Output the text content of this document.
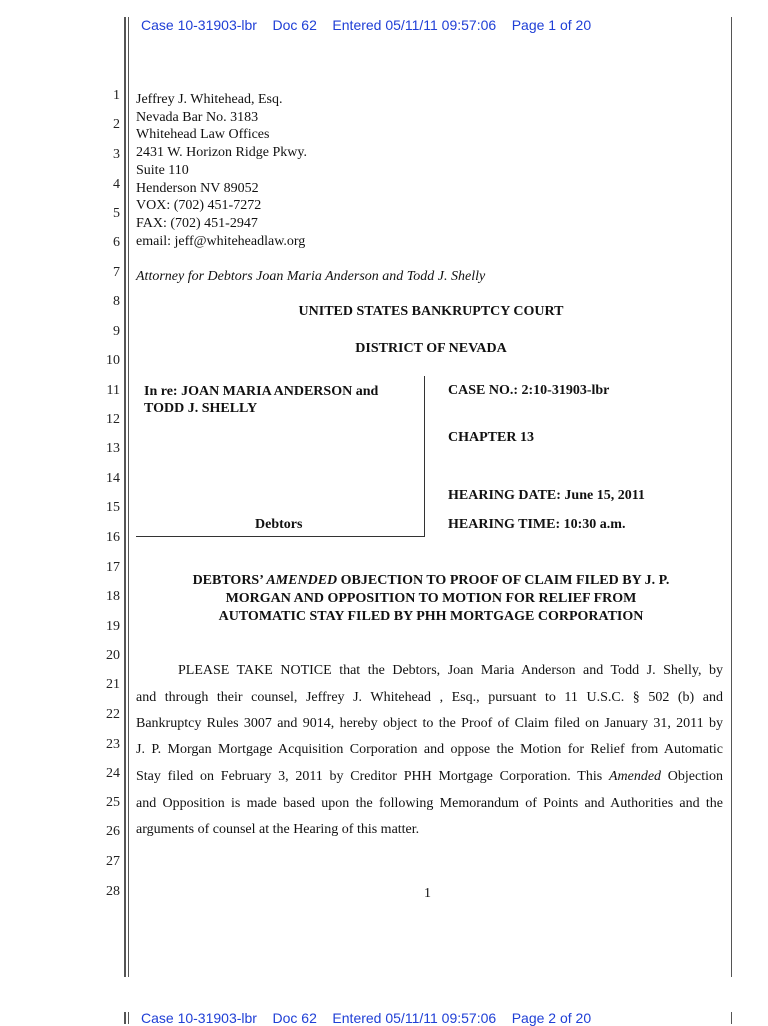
Case 10-31903-lbr    Doc 62    Entered 05/11/11 09:57:06    Page 1 of 20
1
2
3
4
5
6
7
8
9
10
11
12
13
14
15
16
17
18
19
20
21
22
23
24
25
26
27
28
Jeffrey J. Whitehead, Esq.
Nevada Bar No. 3183
Whitehead Law Offices
2431 W. Horizon Ridge Pkwy.
Suite 110
Henderson NV 89052
VOX: (702) 451-7272
FAX: (702) 451-2947
email: jeff@whiteheadlaw.org
Attorney for Debtors Joan Maria Anderson and Todd J. Shelly
UNITED STATES BANKRUPTCY COURT
DISTRICT OF NEVADA
In re: JOAN MARIA ANDERSON and
TODD J. SHELLY
Debtors
CASE NO.: 2:10-31903-lbr
CHAPTER 13
HEARING DATE: June 15, 2011
HEARING TIME: 10:30 a.m.
DEBTORS’ AMENDED OBJECTION TO PROOF OF CLAIM FILED BY J. P.
MORGAN AND OPPOSITION TO MOTION FOR RELIEF FROM
AUTOMATIC STAY FILED BY PHH MORTGAGE CORPORATION
PLEASE TAKE NOTICE that the Debtors, Joan Maria Anderson and Todd J. Shelly, by
and through their counsel, Jeffrey J. Whitehead , Esq., pursuant to 11 U.S.C. § 502 (b) and
Bankruptcy Rules 3007 and 9014, hereby object to the Proof of Claim filed on January 31, 2011 by
J. P. Morgan Mortgage Acquisition Corporation and oppose the Motion for Relief from Automatic
Stay filed on February 3, 2011 by Creditor PHH Mortgage Corporation. This Amended Objection
and Opposition is made based upon the following Memorandum of Points and Authorities and the
arguments of counsel at the Hearing of this matter.
1
Case 10-31903-lbr    Doc 62    Entered 05/11/11 09:57:06    Page 2 of 20
